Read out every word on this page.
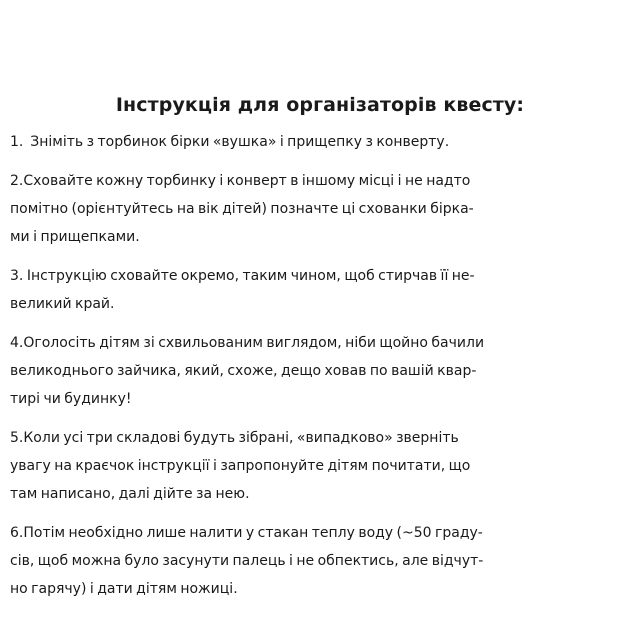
Інструкція для організаторів квесту:
1. Зніміть з торбинок бірки «вушка» і прищепку з конверту.
2.Сховайте кожну торбинку і конверт в іншому місці і не надто
помітно (орієнтуйтесь на вік дітей) позначте ці схованки бірка-
ми і прищепками.
3. Інструкцію сховайте окремо, таким чином, щоб стирчав її не-
великий край.
4.Оголосіть дітям зі схвильованим виглядом, ніби щойно бачили
великоднього зайчика, який, схоже, дещо ховав по вашій квар-
тирі чи будинку!
5.Коли усі три складові будуть зібрані, «випадково» зверніть
увагу на краєчок інструкції і запропонуйте дітям почитати, що
там написано, далі дійте за нею.
6.Потім необхідно лише налити у стакан теплу воду (~50 граду-
сів, щоб можна було засунути палець і не обпектись, але відчут-
но гарячу) і дати дітям ножиці.
